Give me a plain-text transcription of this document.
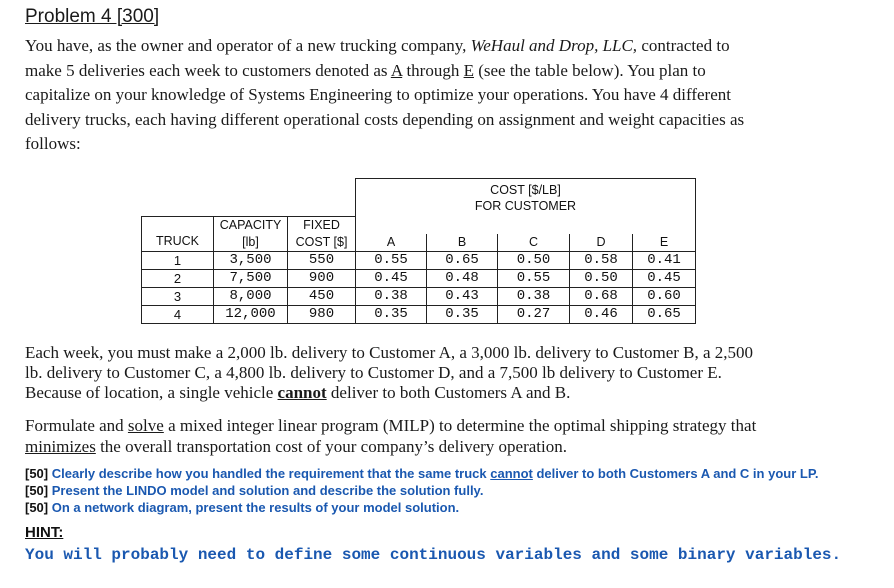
Problem 4 [300]
You have, as the owner and operator of a new trucking company, WeHaul and Drop, LLC, contracted to
make 5 deliveries each week to customers denoted as A through E (see the table below). You plan to
capitalize on your knowledge of Systems Engineering to optimize your operations. You have 4 different
delivery trucks, each having different operational costs depending on assignment and weight capacities as
follows:

			COST [$/LB]
FOR CUSTOMER				

TRUCK	CAPACITY	FIXED					
	[lb]	COST [$]	A	B	C	D	E
1	3,500	550	0.55	0.65	0.50	0.58	0.41
2	7,500	900	0.45	0.48	0.55	0.50	0.45
3	8,000	450	0.38	0.43	0.38	0.68	0.60
4	12,000	980	0.35	0.35	0.27	0.46	0.65
Each week, you must make a 2,000 lb. delivery to Customer A, a 3,000 lb. delivery to Customer B, a 2,500
lb. delivery to Customer C, a 4,800 lb. delivery to Customer D, and a 7,500 lb delivery to Customer E.
Because of location, a single vehicle cannot deliver to both Customers A and B.
Formulate and solve a mixed integer linear program (MILP) to determine the optimal shipping strategy that
minimizes the overall transportation cost of your company’s delivery operation.
[50] Clearly describe how you handled the requirement that the same truck cannot deliver to both Customers A and C in your LP.
[50] Present the LINDO model and solution and describe the solution fully.
[50] On a network diagram, present the results of your model solution.
HINT:
You will probably need to define some continuous variables and some binary variables.
